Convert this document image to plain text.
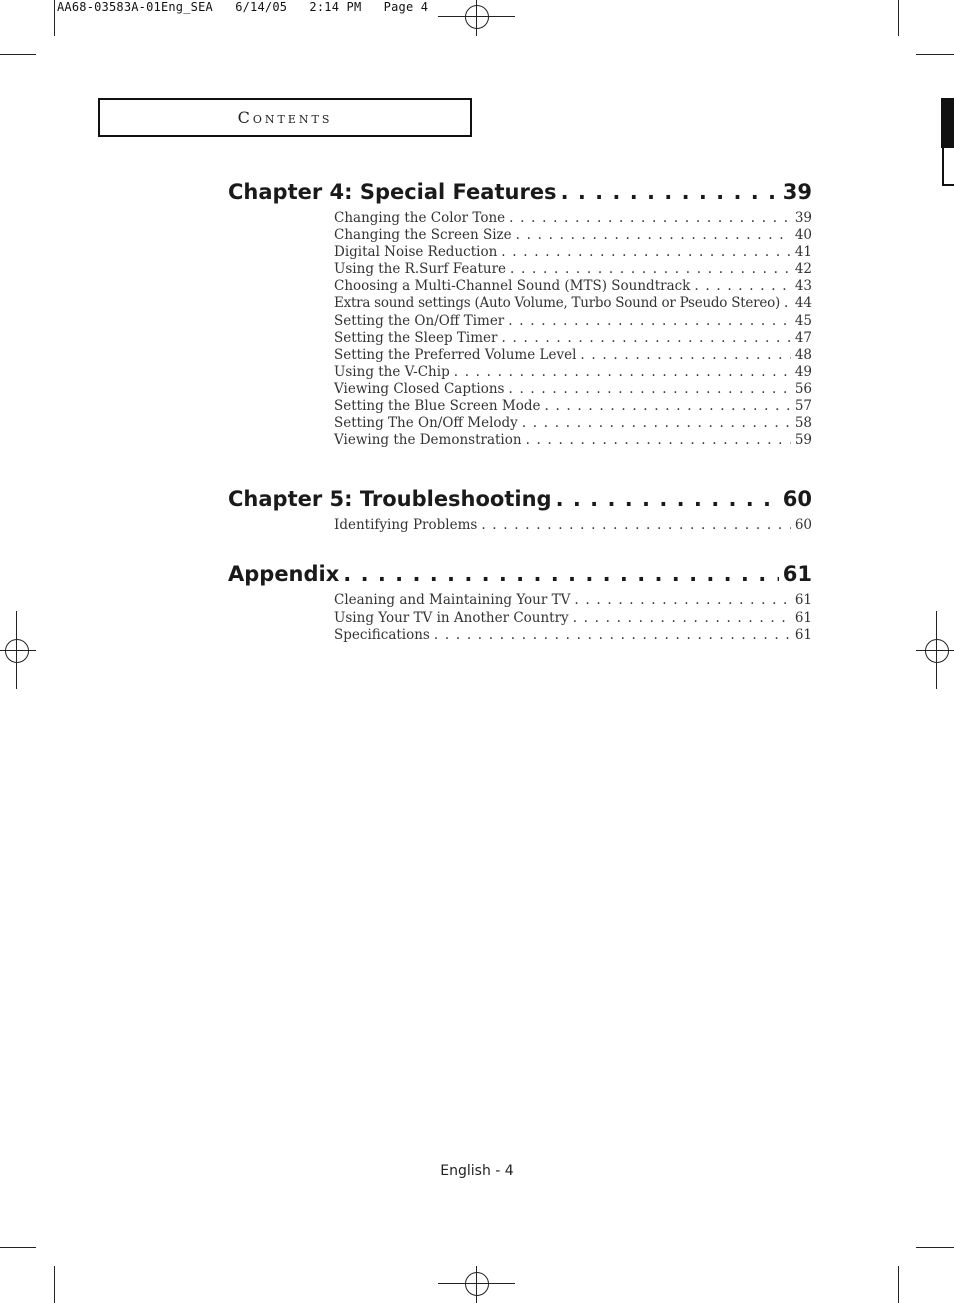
AA68-03583A-01Eng_SEA   6/14/05   2:14 PM   Page 4
Contents
Chapter 4: Special Features . . .	39
Changing the Color Tone . . .	39
Changing the Screen Size . . .	40
Digital Noise Reduction . . .	41
Using the R.Surf Feature . . .	42
Choosing a Multi-Channel Sound (MTS) Soundtrack . . .	43
Extra sound settings (Auto Volume, Turbo Sound or Pseudo Stereo) . . . 44
Setting the On/Off Timer . . .	45
Setting the Sleep Timer . . .	47
Setting the Preferred Volume Level . . .	48
Using the V-Chip . . .	49
Viewing Closed Captions . . .	56
Setting the Blue Screen Mode . . .	57
Setting The On/Off Melody . . .	58
Viewing the Demonstration . . .	59
Chapter 5: Troubleshooting . . .	60
Identifying Problems . . .	60
Appendix . . .	61
Cleaning and Maintaining Your TV . . .	61
Using Your TV in Another Country . . .	61
Specifications . . .	61
English - 4
